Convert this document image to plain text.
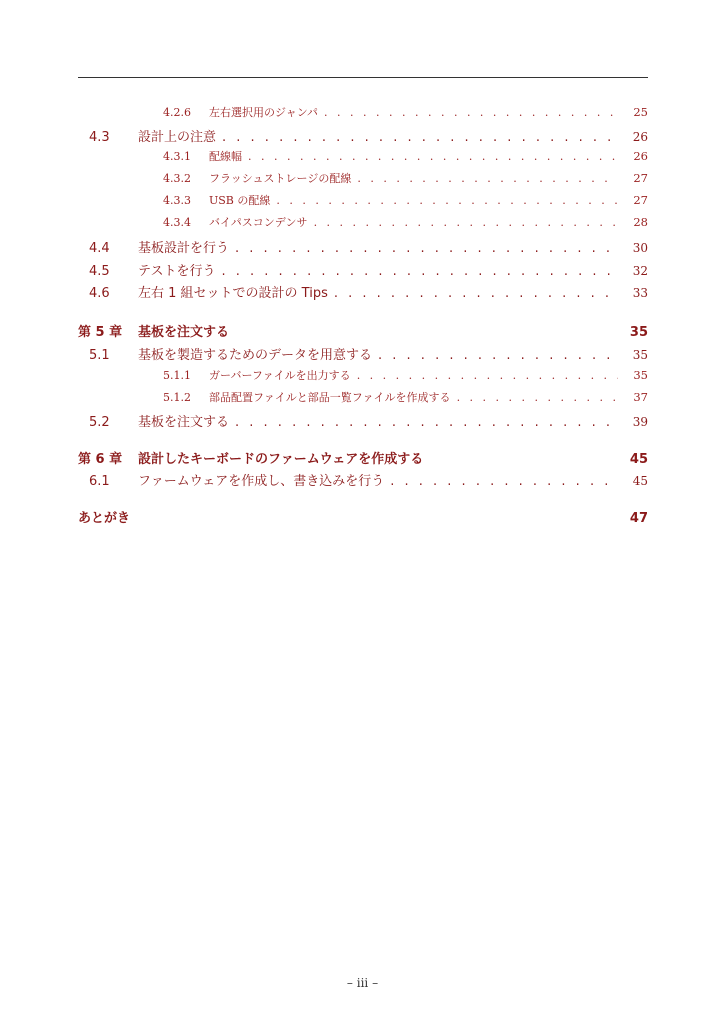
4.2.6	左右選択用のジャンパ . . .	25
4.3	設計上の注意 . . .	26
4.3.1	配線幅 . . .	26
4.3.2	フラッシュストレージの配線 . . .	27
4.3.3	USB の配線 . . .	27
4.3.4	バイパスコンデンサ . . .	28
4.4	基板設計を行う . . .	30
4.5	テストを行う . . .	32
4.6	左右 1 組セットでの設計の Tips . . .	33
第 5 章	基板を注文する	35
5.1	基板を製造するためのデータを用意する . . .	35
5.1.1	ガーバーファイルを出力する . . .	35
5.1.2	部品配置ファイルと部品一覧ファイルを作成する . . .	37
5.2	基板を注文する . . .	39
第 6 章	設計したキーボードのファームウェアを作成する	45
6.1	ファームウェアを作成し、書き込みを行う . . .	45
あとがき	47
– iii –
